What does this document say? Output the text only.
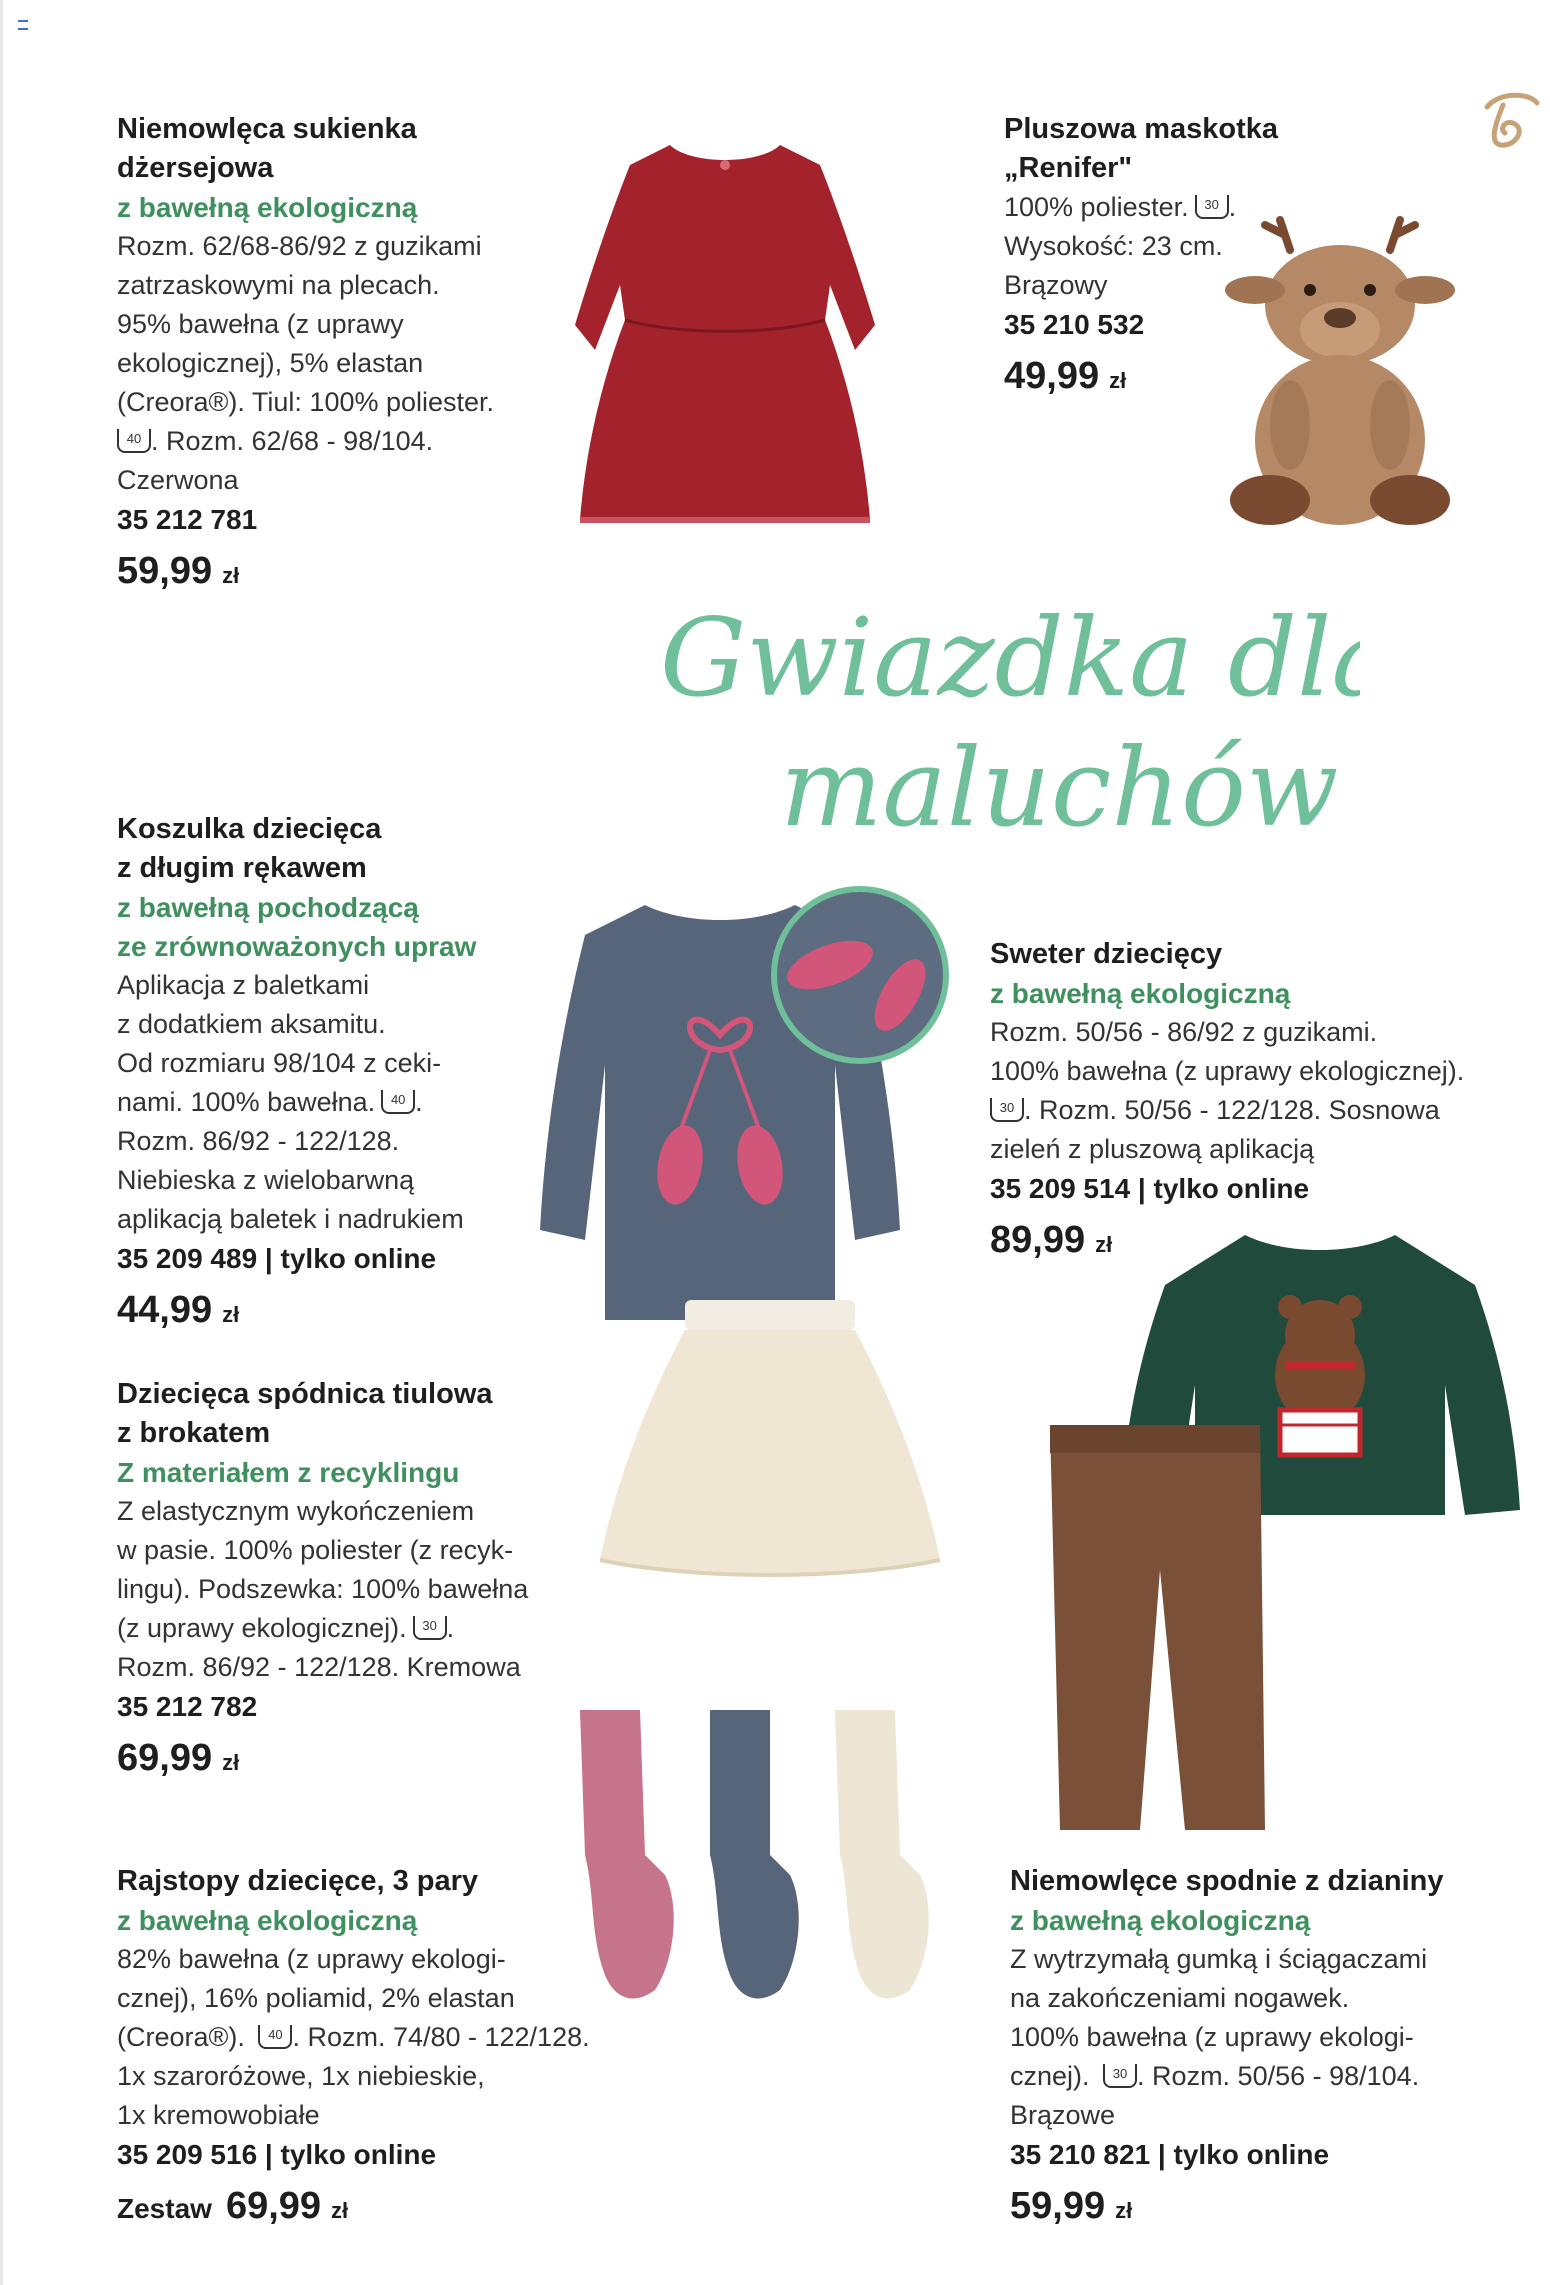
Niemowlęca sukienka

dżersejowa

z bawełną ekologiczną

Rozm. 62/68-86/92 z guzikami

zatrzaskowymi na plecach.

95% bawełna (z uprawy

ekologicznej), 5% elastan

(Creora®). Tiul: 100% poliester.

40 . Rozm. 62/68 - 98/104.

Czerwona

35 212 781

59,99 zł

Pluszowa maskotka

„Renifer"

100% poliester. 30 .

Wysokość: 23 cm.

Brązowy

35 210 532

49,99 zł

Gwiazdka dla
maluchów

Koszulka dziecięca

z długim rękawem

z bawełną pochodzącą

ze zrównoważonych upraw

Aplikacja z baletkami

z dodatkiem aksamitu.

Od rozmiaru 98/104 z ceki-

nami. 100% bawełna. 40 .

Rozm. 86/92 - 122/128.

Niebieska z wielobarwną

aplikacją baletek i nadrukiem

35 209 489 | tylko online

44,99 zł

Sweter dziecięcy

z bawełną ekologiczną

Rozm. 50/56 - 86/92 z guzikami.

100% bawełna (z uprawy ekologicznej).

30 . Rozm. 50/56 - 122/128. Sosnowa

zieleń z pluszową aplikacją

35 209 514 | tylko online

89,99 zł

Dziecięca spódnica tiulowa

z brokatem

Z materiałem z recyklingu

Z elastycznym wykończeniem

w pasie. 100% poliester (z recyk-

lingu). Podszewka: 100% bawełna

(z uprawy ekologicznej). 30 .

Rozm. 86/92 - 122/128. Kremowa

35 212 782

69,99 zł

Rajstopy dziecięce, 3 pary

z bawełną ekologiczną

82% bawełna (z uprawy ekologi-

cznej), 16% poliamid, 2% elastan

(Creora®). 40 . Rozm. 74/80 - 122/128.

1x szaroróżowe, 1x niebieskie,

1x kremowobiałe

35 209 516 | tylko online

Zestaw 69,99 zł

Niemowlęce spodnie z dzianiny

z bawełną ekologiczną

Z wytrzymałą gumką i ściągaczami

na zakończeniami nogawek.

100% bawełna (z uprawy ekologi-

cznej). 30 . Rozm. 50/56 - 98/104.

Brązowe

35 210 821 | tylko online

59,99 zł
